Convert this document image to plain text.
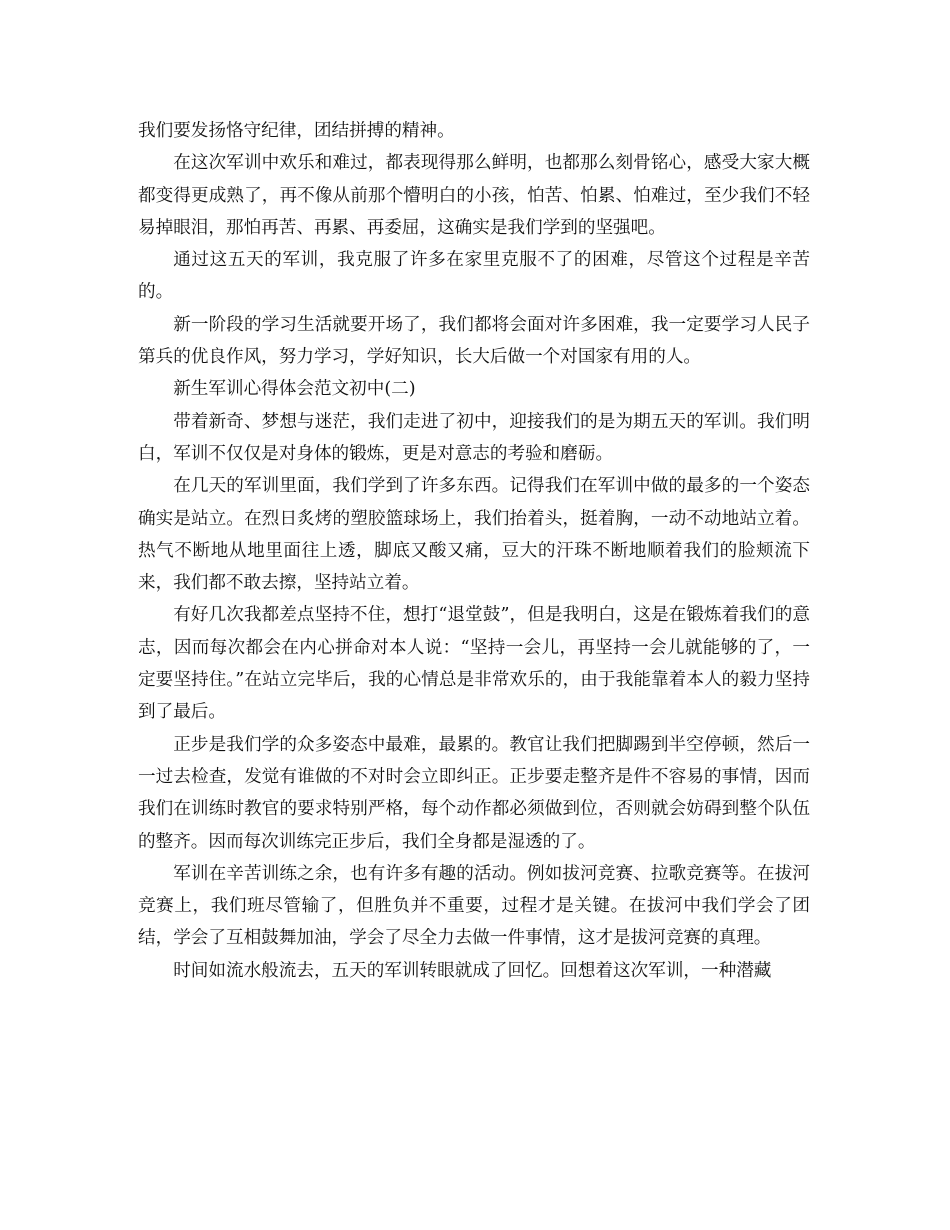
我们要发扬恪守纪律，团结拼搏的精神。

在这次军训中欢乐和难过，都表现得那么鲜明，也都那么刻骨铭心，感受大家大概都变得更成熟了，再不像从前那个懵明白的小孩，怕苦、怕累、怕难过，至少我们不轻易掉眼泪，那怕再苦、再累、再委屈，这确实是我们学到的坚强吧。

通过这五天的军训，我克服了许多在家里克服不了的困难，尽管这个过程是辛苦的。

新一阶段的学习生活就要开场了，我们都将会面对许多困难，我一定要学习人民子第兵的优良作风，努力学习，学好知识，长大后做一个对国家有用的人。

新生军训心得体会范文初中(二)

带着新奇、梦想与迷茫，我们走进了初中，迎接我们的是为期五天的军训。我们明白，军训不仅仅是对身体的锻炼，更是对意志的考验和磨砺。

在几天的军训里面，我们学到了许多东西。记得我们在军训中做的最多的一个姿态确实是站立。在烈日炙烤的塑胶篮球场上，我们抬着头，挺着胸，一动不动地站立着。热气不断地从地里面往上透，脚底又酸又痛，豆大的汗珠不断地顺着我们的脸颊流下来，我们都不敢去擦，坚持站立着。

有好几次我都差点坚持不住，想打“退堂鼓”，但是我明白，这是在锻炼着我们的意志，因而每次都会在内心拼命对本人说：“坚持一会儿，再坚持一会儿就能够的了，一定要坚持住。”在站立完毕后，我的心情总是非常欢乐的，由于我能靠着本人的毅力坚持到了最后。

正步是我们学的众多姿态中最难，最累的。教官让我们把脚踢到半空停顿，然后一一过去检查，发觉有谁做的不对时会立即纠正。正步要走整齐是件不容易的事情，因而我们在训练时教官的要求特别严格，每个动作都必须做到位，否则就会妨碍到整个队伍的整齐。因而每次训练完正步后，我们全身都是湿透的了。

军训在辛苦训练之余，也有许多有趣的活动。例如拔河竞赛、拉歌竞赛等。在拔河竞赛上，我们班尽管输了，但胜负并不重要，过程才是关键。在拔河中我们学会了团结，学会了互相鼓舞加油，学会了尽全力去做一件事情，这才是拔河竞赛的真理。

时间如流水般流去，五天的军训转眼就成了回忆。回想着这次军训，一种潜藏
